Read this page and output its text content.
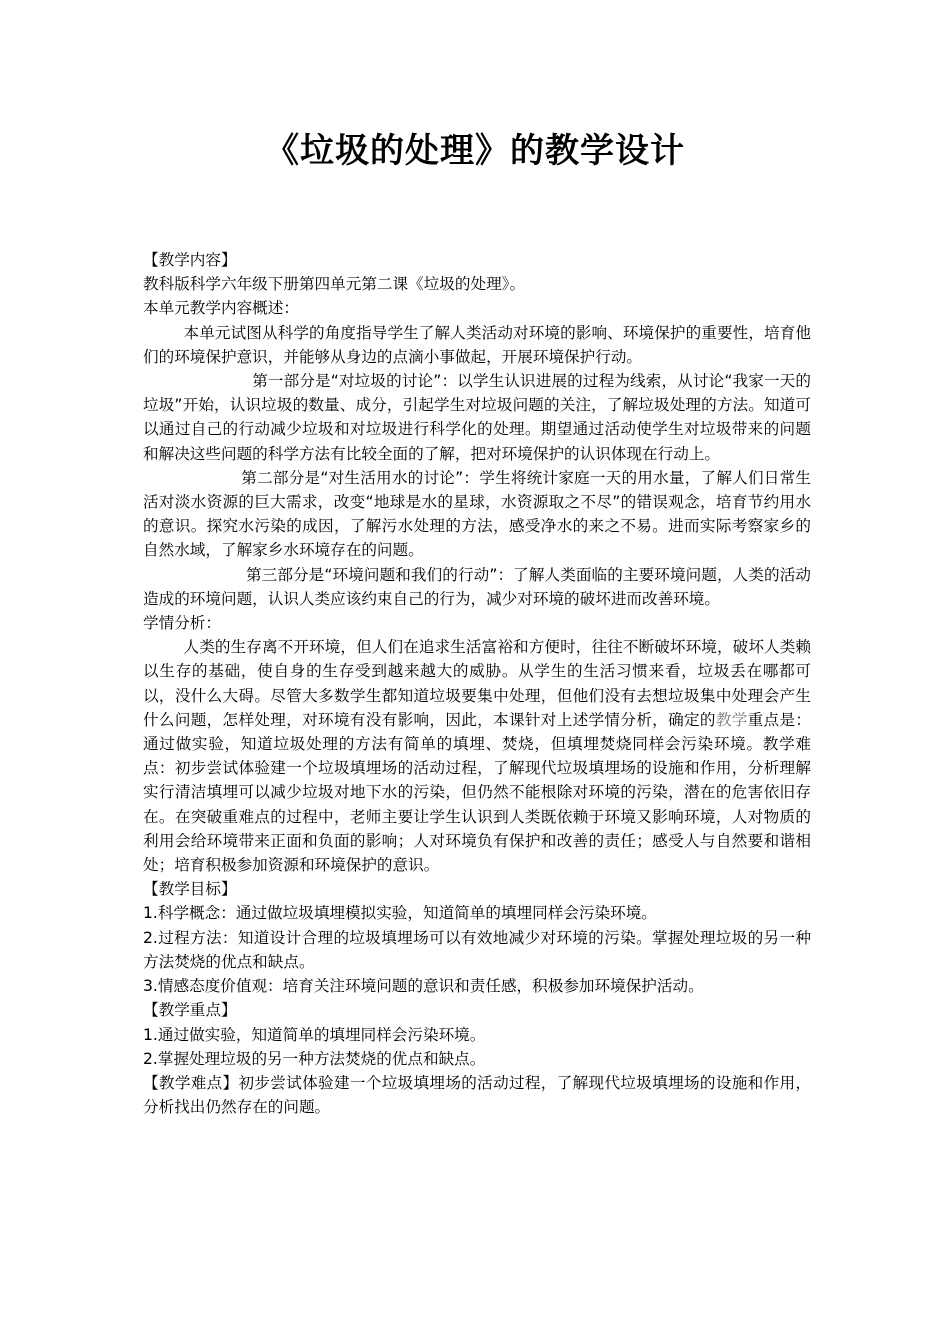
《垃圾的处理》的教学设计

【教学内容】

教科版科学六年级下册第四单元第二课《垃圾的处理》。

本单元教学内容概述：

本单元试图从科学的角度指导学生了解人类活动对环境的影响、环境保护的重要性，培育他们的环境保护意识，并能够从身边的点滴小事做起，开展环境保护行动。

第一部分是“对垃圾的讨论”：以学生认识进展的过程为线索，从讨论“我家一天的垃圾”开始，认识垃圾的数量、成分，引起学生对垃圾问题的关注，了解垃圾处理的方法。知道可以通过自己的行动减少垃圾和对垃圾进行科学化的处理。期望通过活动使学生对垃圾带来的问题和解决这些问题的科学方法有比较全面的了解，把对环境保护的认识体现在行动上。

第二部分是“对生活用水的讨论”：学生将统计家庭一天的用水量，了解人们日常生活对淡水资源的巨大需求，改变“地球是水的星球，水资源取之不尽”的错误观念，培育节约用水的意识。探究水污染的成因，了解污水处理的方法，感受净水的来之不易。进而实际考察家乡的自然水域，了解家乡水环境存在的问题。

第三部分是“环境问题和我们的行动”：了解人类面临的主要环境问题，人类的活动造成的环境问题，认识人类应该约束自己的行为，减少对环境的破坏进而改善环境。

学情分析：

人类的生存离不开环境，但人们在追求生活富裕和方便时，往往不断破坏环境，破坏人类赖以生存的基础，使自身的生存受到越来越大的威胁。从学生的生活习惯来看，垃圾丢在哪都可以，没什么大碍。尽管大多数学生都知道垃圾要集中处理，但他们没有去想垃圾集中处理会产生什么问题，怎样处理，对环境有没有影响，因此，本课针对上述学情分析，确定的教学重点是：通过做实验，知道垃圾处理的方法有简单的填埋、焚烧，但填埋焚烧同样会污染环境。教学难点：初步尝试体验建一个垃圾填埋场的活动过程，了解现代垃圾填埋场的设施和作用，分析理解实行清洁填埋可以减少垃圾对地下水的污染，但仍然不能根除对环境的污染，潜在的危害依旧存在。在突破重难点的过程中，老师主要让学生认识到人类既依赖于环境又影响环境，人对物质的利用会给环境带来正面和负面的影响；人对环境负有保护和改善的责任；感受人与自然要和谐相处；培育积极参加资源和环境保护的意识。

【教学目标】

1.科学概念：通过做垃圾填埋模拟实验，知道简单的填埋同样会污染环境。

2.过程方法：知道设计合理的垃圾填埋场可以有效地减少对环境的污染。掌握处理垃圾的另一种方法焚烧的优点和缺点。

3.情感态度价值观：培育关注环境问题的意识和责任感，积极参加环境保护活动。

【教学重点】

1.通过做实验，知道简单的填埋同样会污染环境。

2.掌握处理垃圾的另一种方法焚烧的优点和缺点。

【教学难点】初步尝试体验建一个垃圾填埋场的活动过程，了解现代垃圾填埋场的设施和作用，分析找出仍然存在的问题。
